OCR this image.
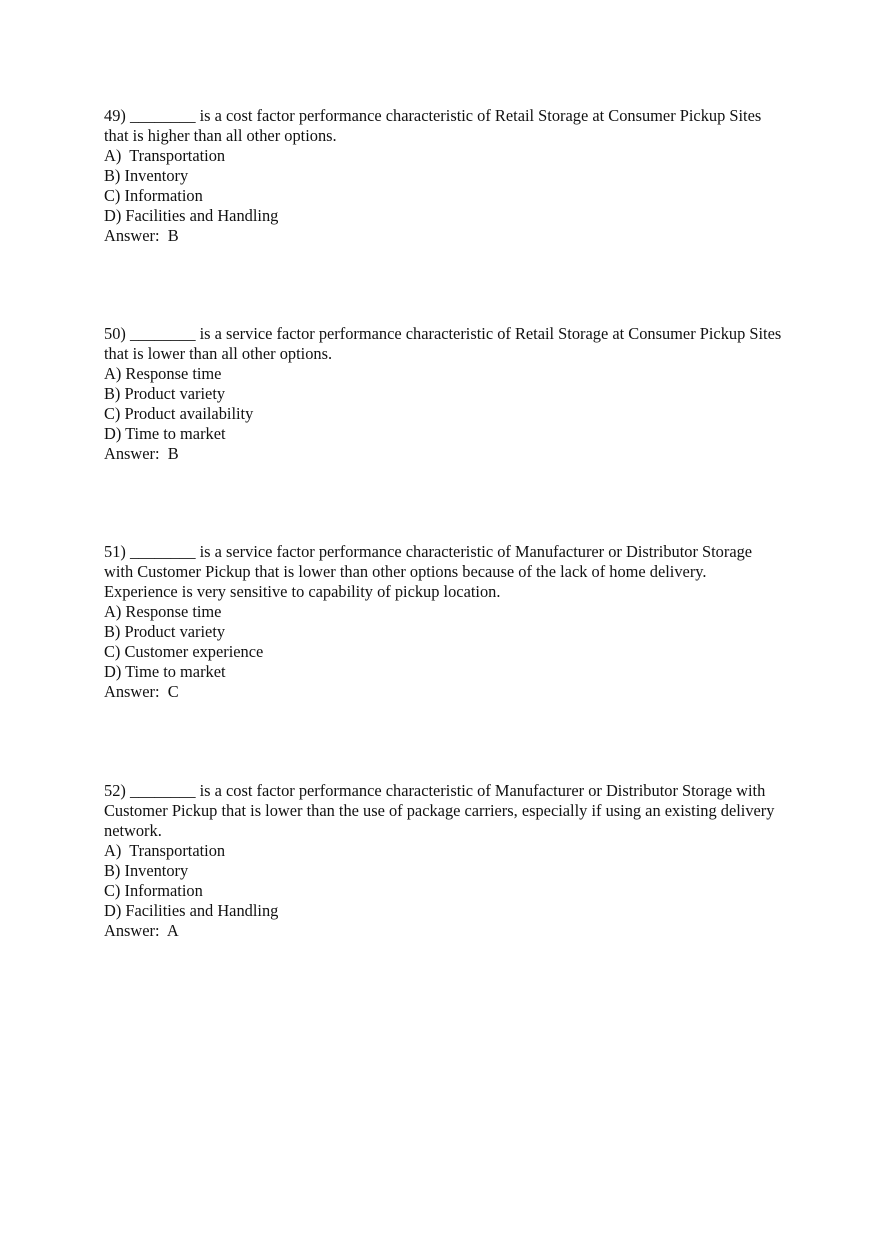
49) ________ is a cost factor performance characteristic of Retail Storage at Consumer Pickup Sites that is higher than all other options.

A)  Transportation

B) Inventory

C) Information

D) Facilities and Handling

Answer:  B

50) ________ is a service factor performance characteristic of Retail Storage at Consumer Pickup Sites that is lower than all other options.

A) Response time

B) Product variety

C) Product availability

D) Time to market

Answer:  B

51) ________ is a service factor performance characteristic of Manufacturer or Distributor Storage with Customer Pickup that is lower than other options because of the lack of home delivery. Experience is very sensitive to capability of pickup location.

A) Response time

B) Product variety

C) Customer experience

D) Time to market

Answer:  C

52) ________ is a cost factor performance characteristic of Manufacturer or Distributor Storage with Customer Pickup that is lower than the use of package carriers, especially if using an existing delivery network.

A)  Transportation

B) Inventory

C) Information

D) Facilities and Handling

Answer:  A
